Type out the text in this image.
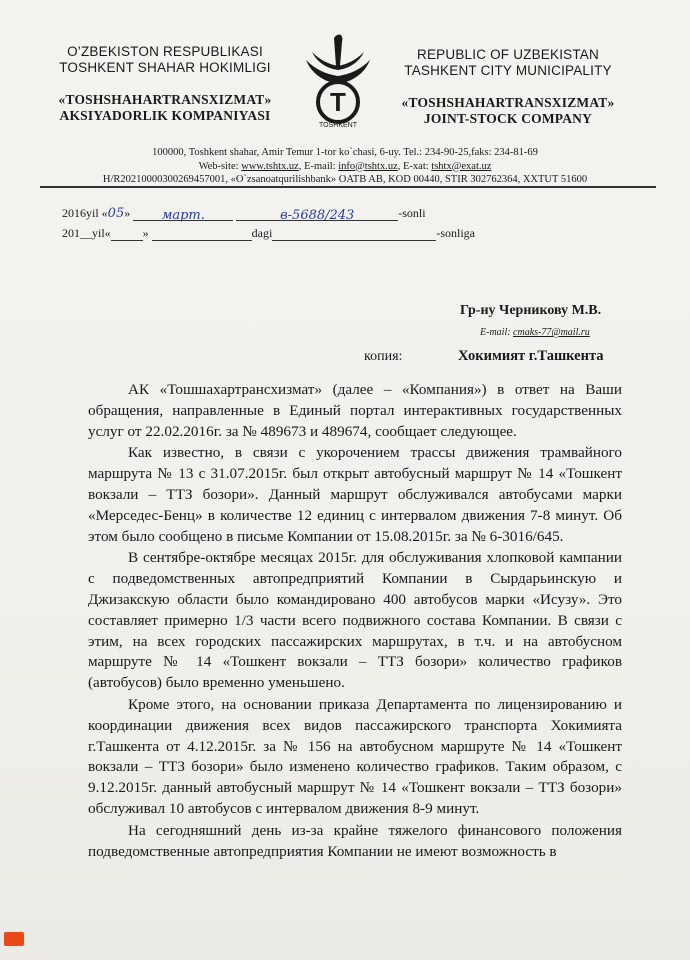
O’ZBEKISTON RESPUBLIKASI
TOSHKENT SHAHAR HOKIMLIGI
«TOSHSHAHARTRANSXIZMAT»
AKSIYADORLIK KOMPANIYASI	T
TOSHKENT
REPUBLIC OF UZBEKISTAN
TASHKENT CITY MUNICIPALITY
«TOSHSHAHARTRANSXIZMAT»
JOINT-STOCK COMPANY
100000, Toshkent shahar, Amir Temur 1-tor ko`chasi, 6-uy. Tel.: 234-90-25,faks: 234-81-69
Web-site: www.tshtx.uz, E-mail: info@tshtx.uz, E-xat: tshtx@exat.uz
H/R20210000300269457001, «O`zsanoatqurilishbank» OATB AB, KOD 00440, STIR 302762364, XXTUT 51600
2016yil «05» март.	в-5688/243	-sonli
201__yil«	»	dagi	-sonliga
Гр-ну Черникову М.В.
E-mail: cmaks-77@mail.ru
копия:	Хокимият г.Ташкента

АК «Тошшахартрансхизмат» (далее – «Компания») в ответ на Ваши обращения, направленные в Единый портал интерактивных государственных услуг от 22.02.2016г. за № 489673 и 489674, сообщает следующее.

Как известно, в связи с укорочением трассы движения трамвайного маршрута № 13 с 31.07.2015г. был открыт автобусный маршрут № 14 «Тошкент вокзали – ТТЗ бозори». Данный маршрут обслуживался автобусами марки «Мерседес-Бенц» в количестве 12 единиц с интервалом движения 7-8 минут. Об этом было сообщено в письме Компании от 15.08.2015г. за № 6-3016/645.

В сентябре-октябре месяцах 2015г. для обслуживания хлопковой кампании с подведомственных автопредприятий Компании в Сырдарьинскую и Джизакскую области было командировано 400 автобусов марки «Исузу». Это составляет примерно 1/3 части всего подвижного состава Компании. В связи с этим, на всех городских пассажирских маршрутах, в т.ч. и на автобусном маршруте № 14 «Тошкент вокзали – ТТЗ бозори» количество графиков (автобусов) было временно уменьшено.

Кроме этого, на основании приказа Департамента по лицензированию и координации движения всех видов пассажирского транспорта Хокимията г.Ташкента от 4.12.2015г. за № 156 на автобусном маршруте № 14 «Тошкент вокзали – ТТЗ бозори» было изменено количество графиков. Таким образом, с 9.12.2015г. данный автобусный маршрут № 14 «Тошкент вокзали – ТТЗ бозори» обслуживал 10 автобусов с интервалом движения 8-9 минут.

На сегодняшний день из-за крайне тяжелого финансового положения подведомственные автопредприятия Компании не имеют возможность в
